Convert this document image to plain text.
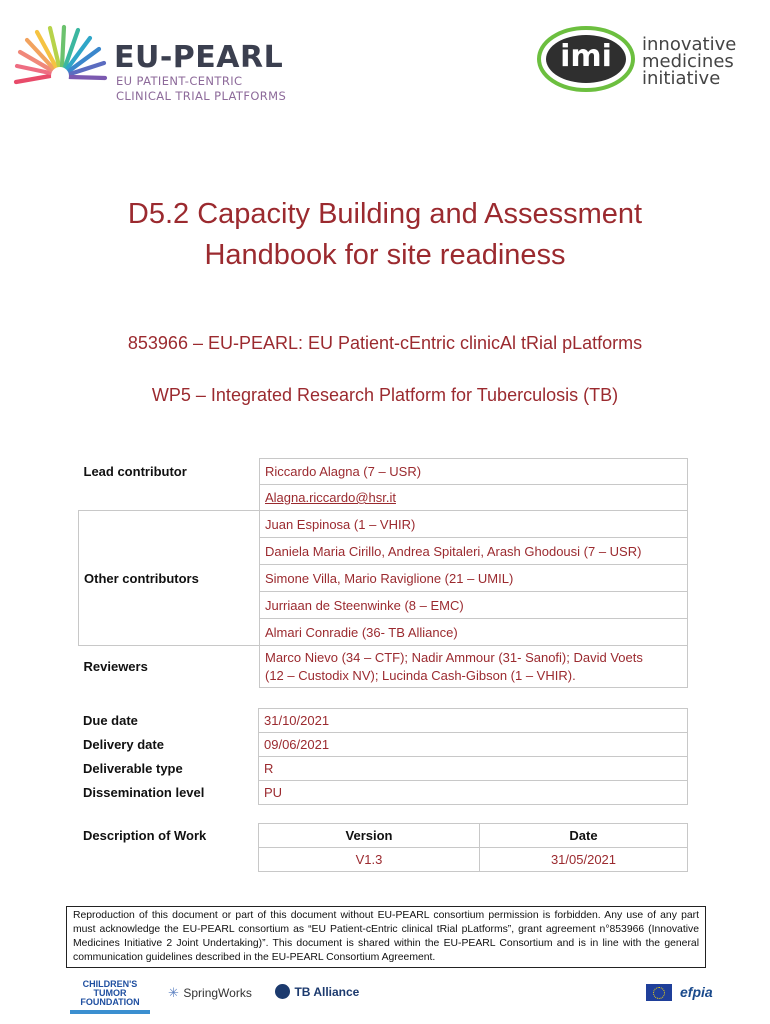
EU-PEARL
EU PATIENT-CENTRIC
CLINICAL TRIAL PLATFORMS
imi innovative
medicines
initiative
D5.2 Capacity Building and Assessment
Handbook for site readiness
853966 – EU-PEARL: EU Patient-cEntric clinicAl tRial pLatforms
WP5 – Integrated Research Platform for Tuberculosis (TB)
Lead contributor	Riccardo Alagna (7 – USR)
	Alagna.riccardo@hsr.it
Other contributors	Juan Espinosa (1 – VHIR)
	Daniela Maria Cirillo, Andrea Spitaleri, Arash Ghodousi (7 – USR)
	Simone Villa, Mario Raviglione (21 – UMIL)
	Jurriaan de Steenwinke (8 – EMC)
	Almari Conradie (36- TB Alliance)
Reviewers	Marco Nievo (34 – CTF); Nadir Ammour (31- Sanofi); David Voets
(12 – Custodix NV); Lucinda Cash-Gibson (1 – VHIR).
Due date	31/10/2021
Delivery date	09/06/2021
Deliverable type	R
Dissemination level	PU
Description of Work	Version	Date
	V1.3	31/05/2021
Reproduction of this document or part of this document without EU-PEARL consortium permission is forbidden. Any use of any part must acknowledge the EU-PEARL consortium as “EU Patient-cEntric clinical tRial pLatforms”, grant agreement n°853966 (Innovative Medicines Initiative 2 Joint Undertaking)”. This document is shared within the EU-PEARL Consortium and is in line with the general communication guidelines described in the EU-PEARL Consortium Agreement.
CHILDREN'S
TUMOR
FOUNDATION
✳ SpringWorks	TB Alliance	efpia
